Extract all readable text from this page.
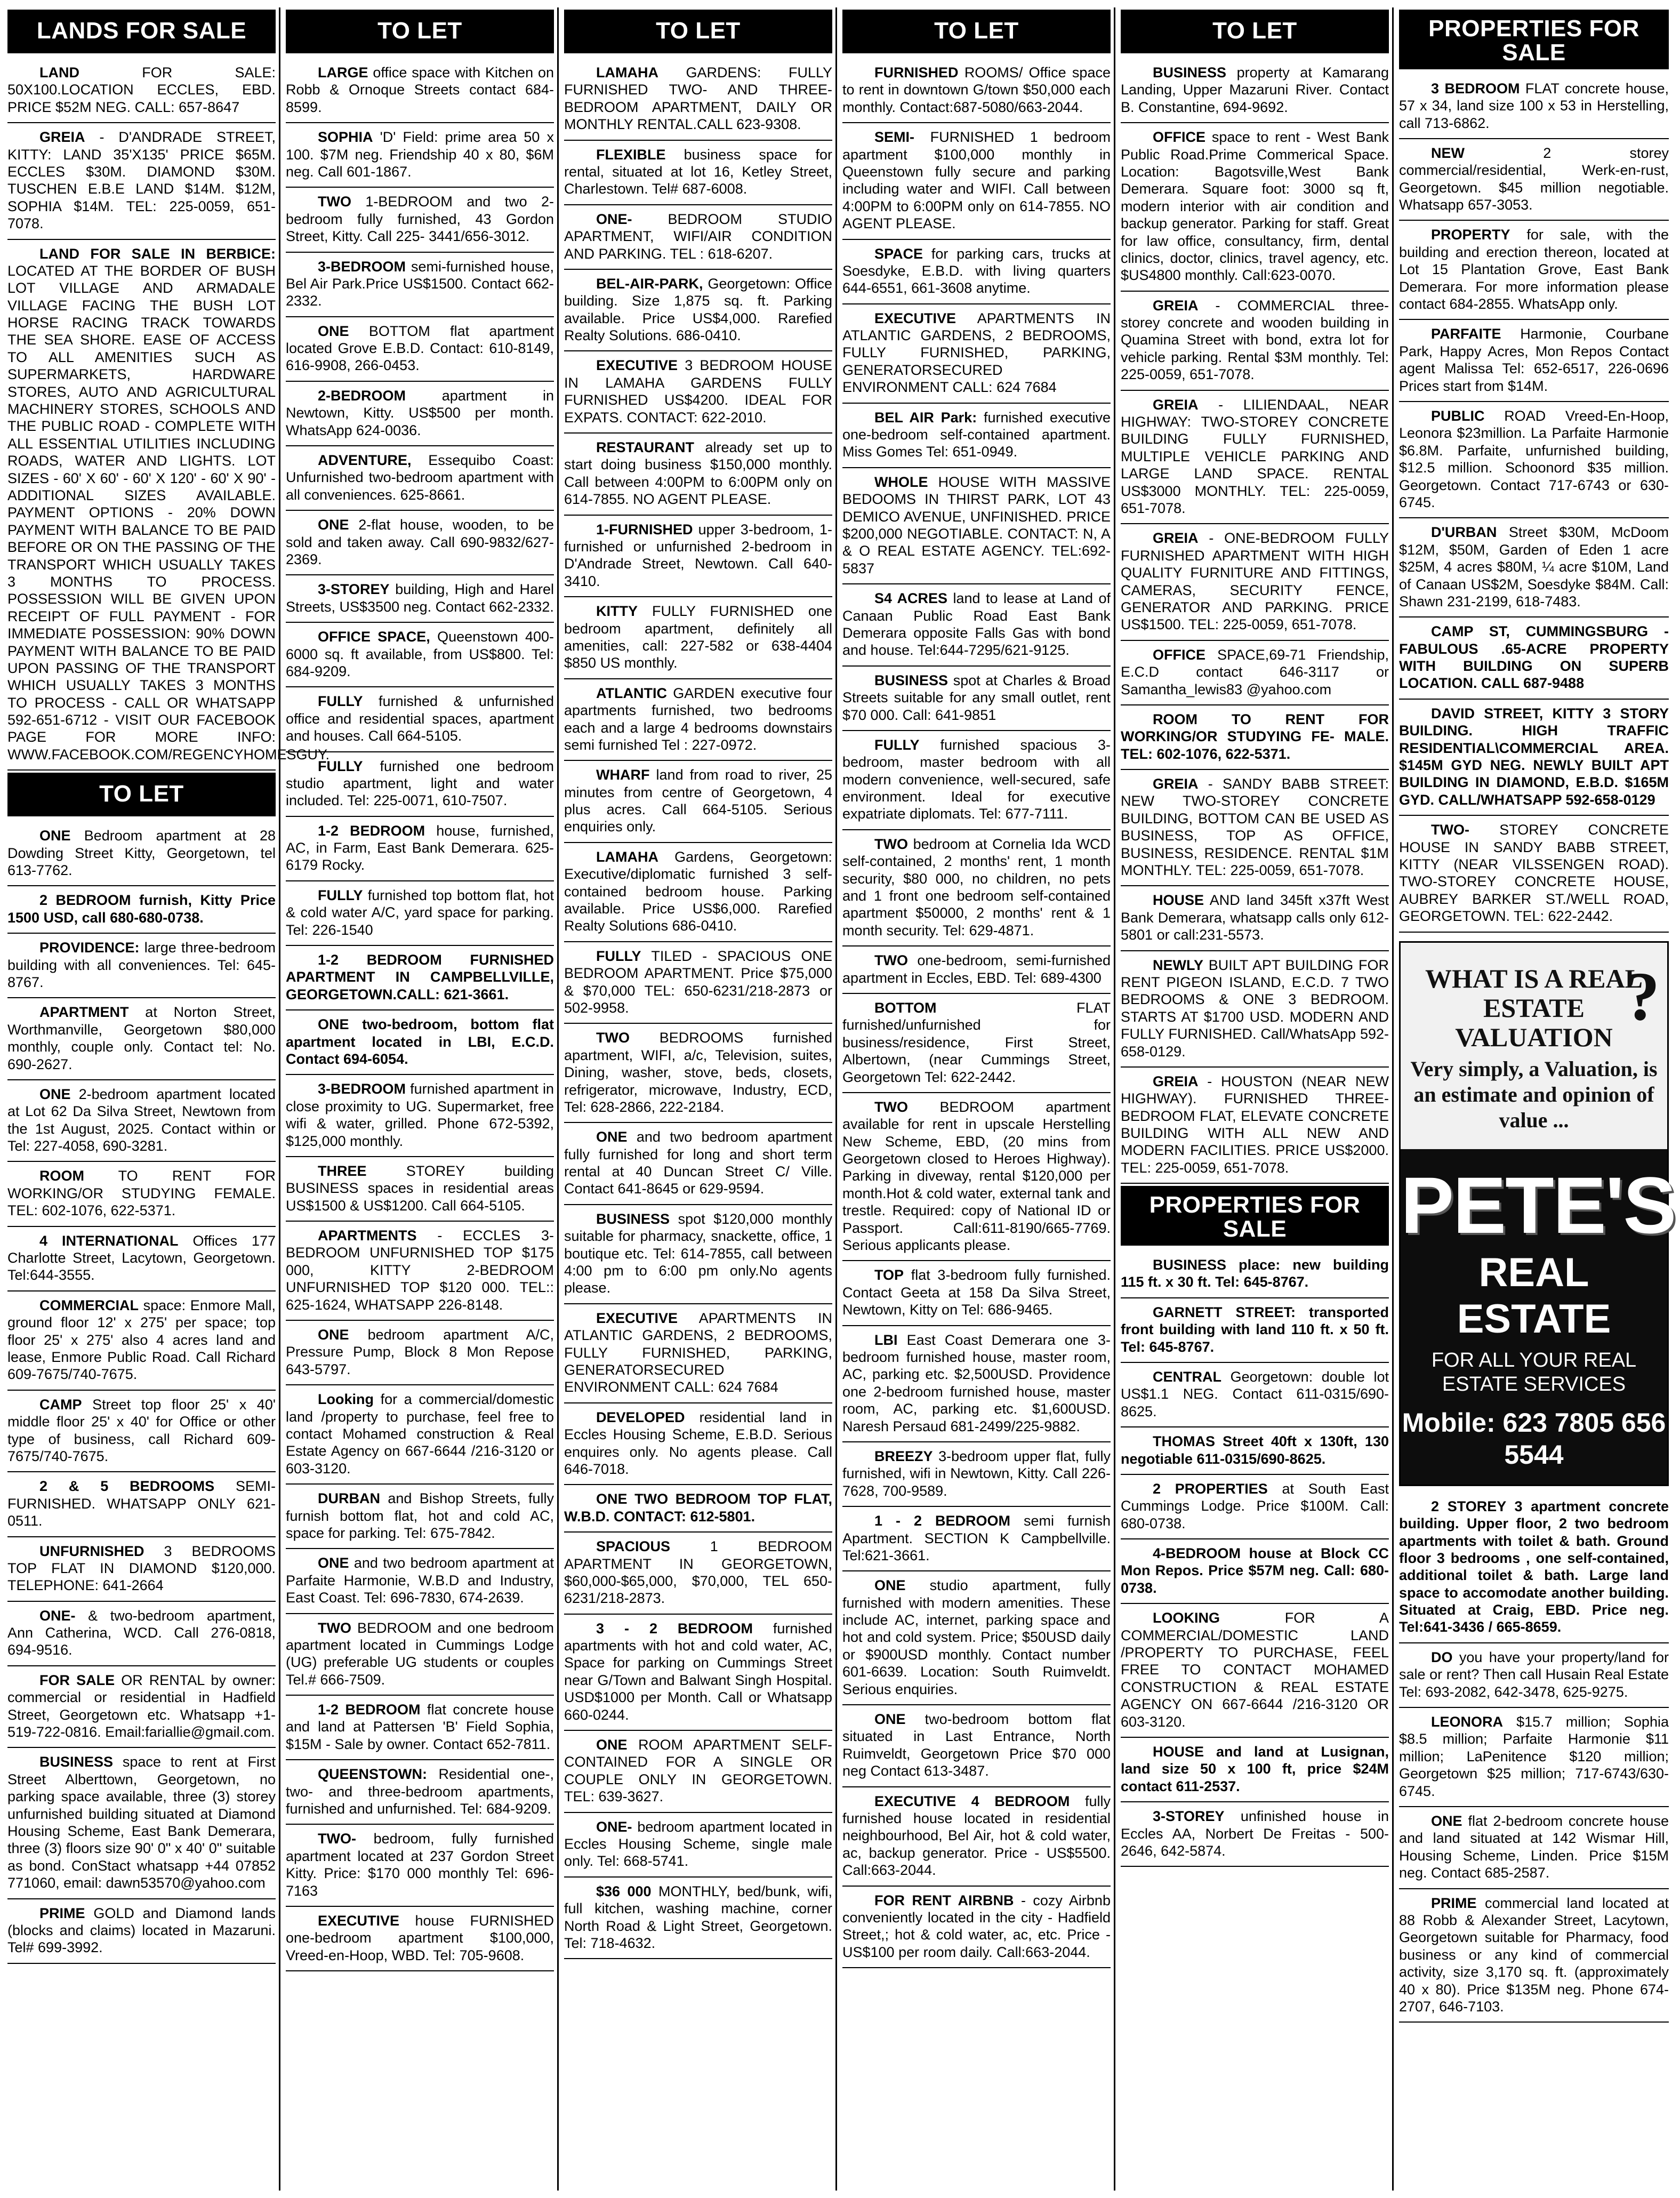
LANDS FOR SALE
LAND	FOR SALE: 50X100.LOCATION ECCLES, EBD. PRICE $52M NEG. CALL: 657-8647
GREIA - D'ANDRADE STREET, KITTY: LAND 35'X135' PRICE $65M. ECCLES $30M. DIAMOND $30M. TUSCHEN E.B.E LAND $14M. $12M, SOPHIA $14M. TEL: 225-0059, 651-7078.
LAND FOR SALE IN BERBICE: LOCATED AT THE BORDER OF BUSH LOT VILLAGE AND ARMADALE VILLAGE FACING THE BUSH LOT HORSE RACING TRACK TOWARDS THE SEA SHORE. EASE OF ACCESS TO ALL AMENITIES SUCH AS SUPERMARKETS, HARDWARE STORES, AUTO AND AGRICULTURAL MACHINERY STORES, SCHOOLS AND THE PUBLIC ROAD - COMPLETE WITH ALL ESSENTIAL UTILITIES INCLUDING ROADS, WATER AND LIGHTS. LOT SIZES - 60' X 60' - 60' X 120' - 60' X 90' - ADDITIONAL SIZES AVAILABLE. PAYMENT OPTIONS - 20% DOWN PAYMENT WITH BALANCE TO BE PAID BEFORE OR ON THE PASSING OF THE TRANSPORT WHICH USUALLY TAKES 3 MONTHS TO PROCESS. POSSESSION WILL BE GIVEN UPON RECEIPT OF FULL PAYMENT - FOR IMMEDIATE POSSESSION: 90% DOWN PAYMENT WITH BALANCE TO BE PAID UPON PASSING OF THE TRANSPORT WHICH USUALLY TAKES 3 MONTHS TO PROCESS - CALL OR WHATSAPP 592-651-6712 - VISIT OUR FACEBOOK PAGE FOR MORE INFO: WWW.FACEBOOK.COM/REGENCYHOMESGUY.
TO LET
ONE Bedroom apartment at 28 Dowding Street Kitty, Georgetown, tel 613-7762.
2 BEDROOM furnish, Kitty Price 1500 USD, call 680-680-0738.
PROVIDENCE: large three-bedroom building with all conveniences. Tel: 645-8767.
APARTMENT at Norton Street, Worthmanville, Georgetown $80,000 monthly, couple only. Contact tel: No. 690-2627.
ONE 2-bedroom apartment located at Lot 62 Da Silva Street, Newtown from the 1st August, 2025. Contact within or Tel: 227-4058, 690-3281.
ROOM TO RENT FOR WORKING/OR STUDYING FEMALE. TEL: 602-1076, 622-5371.
4 INTERNATIONAL Offices 177 Charlotte Street, Lacytown, Georgetown. Tel:644-3555.
COMMERCIAL space: Enmore Mall, ground floor 12' x 275' per space; top floor 25' x 275' also 4 acres land and lease, Enmore Public Road. Call Richard 609-7675/740-7675.
CAMP Street top floor 25' x 40' middle floor 25' x 40' for Office or other type of business, call Richard 609-7675/740-7675.
2 & 5 BEDROOMS SEMI-FURNISHED. WHATSAPP ONLY 621-0511.
UNFURNISHED 3 BEDROOMS TOP FLAT IN DIAMOND $120,000. TELEPHONE: 641-2664
ONE- & two-bedroom apartment, Ann Catherina, WCD. Call 276-0818, 694-9516.
FOR SALE OR RENTAL by owner: commercial or residential in Hadfield Street, Georgetown etc. Whatsapp +1-519-722-0816. Email:fariallie@gmail.com.
BUSINESS space to rent at First Street Alberttown, Georgetown, no parking space available, three (3) storey unfurnished building situated at Diamond Housing Scheme, East Bank Demerara, three (3) floors size 90' 0" x 40' 0" suitable as bond. ConStact whatsapp +44 07852 771060, email: dawn53570@yahoo.com
PRIME GOLD and Diamond lands (blocks and claims) located in Mazaruni. Tel# 699-3992.
TO LET
LARGE office space with Kitchen on Robb & Ornoque Streets contact 684-8599.
SOPHIA 'D' Field: prime area 50 x 100. $7M neg. Friendship 40 x 80, $6M neg. Call 601-1867.
TWO 1-BEDROOM and two 2-bedroom fully furnished, 43 Gordon Street, Kitty. Call 225- 3441/656-3012.
3-BEDROOM semi-furnished house, Bel Air Park.Price US$1500. Contact 662-2332.
ONE BOTTOM flat apartment located Grove E.B.D. Contact: 610-8149, 616-9908, 266-0453.
2-BEDROOM	apartment in Newtown, Kitty. US$500 per month. WhatsApp 624-0036.
ADVENTURE, Essequibo Coast: Unfurnished two-bedroom apartment with all conveniences. 625-8661.
ONE 2-flat house, wooden, to be sold and taken away. Call 690-9832/627-2369.
3-STOREY building, High and Harel Streets, US$3500 neg. Contact 662-2332.
OFFICE SPACE, Queenstown 400-6000 sq. ft available, from US$800. Tel: 684-9209.
FULLY furnished & unfurnished office and residential spaces, apartment and houses. Call 664-5105.
FULLY furnished one bedroom studio apartment, light and water included. Tel: 225-0071, 610-7507.
1-2 BEDROOM house, furnished, AC, in Farm, East Bank Demerara. 625-6179 Rocky.
FULLY furnished top bottom flat, hot & cold water A/C, yard space for parking. Tel: 226-1540
1-2 BEDROOM FURNISHED APARTMENT IN CAMPBELLVILLE, GEORGETOWN.CALL: 621-3661.
ONE two-bedroom, bottom flat apartment located in LBI, E.C.D. Contact 694-6054.
3-BEDROOM furnished apartment in close proximity to UG. Supermarket, free wifi & water, grilled. Phone 672-5392, $125,000 monthly.
THREE	STOREY building BUSINESS spaces in residential areas US$1500 & US$1200. Call 664-5105.
APARTMENTS - ECCLES 3-BEDROOM UNFURNISHED TOP $175 000, KITTY 2-BEDROOM UNFURNISHED TOP $120 000. TEL:: 625-1624, WHATSAPP 226-8148.
ONE bedroom apartment A/C, Pressure Pump, Block 8 Mon Repose 643-5797.
Looking for a commercial/domestic land /property to purchase, feel free to contact Mohamed construction & Real Estate Agency on 667-6644 /216-3120 or 603-3120.
DURBAN and Bishop Streets, fully furnish bottom flat, hot and cold AC, space for parking. Tel: 675-7842.
ONE and two bedroom apartment at Parfaite Harmonie, W.B.D and Industry, East Coast. Tel: 696-7830, 674-2639.
TWO BEDROOM and one bedroom apartment located in Cummings Lodge (UG) preferable UG students or couples Tel.# 666-7509.
1-2 BEDROOM flat concrete house and land at Pattersen 'B' Field Sophia, $15M - Sale by owner. Contact 652-7811.
QUEENSTOWN: Residential one-, two- and three-bedroom apartments, furnished and unfurnished. Tel: 684-9209.
TWO- bedroom, fully furnished apartment located at 237 Gordon Street Kitty. Price: $170 000 monthly Tel: 696-7163
EXECUTIVE house FURNISHED one-bedroom apartment $100,000, Vreed-en-Hoop, WBD. Tel: 705-9608.
TO LET
LAMAHA GARDENS: FULLY FURNISHED TWO- AND THREE-BEDROOM APARTMENT, DAILY OR MONTHLY RENTAL.CALL 623-9308.
FLEXIBLE business space for rental, situated at lot 16, Ketley Street, Charlestown. Tel# 687-6008.
ONE- BEDROOM STUDIO APARTMENT, WIFI/AIR CONDITION AND PARKING. TEL : 618-6207.
BEL-AIR-PARK, Georgetown: Office building. Size 1,875 sq. ft. Parking available. Price US$4,000. Rarefied Realty Solutions. 686-0410.
EXECUTIVE 3 BEDROOM HOUSE IN LAMAHA GARDENS FULLY FURNISHED US$4200. IDEAL FOR EXPATS. CONTACT: 622-2010.
RESTAURANT already set up to start doing business $150,000 monthly. Call between 4:00PM to 6:00PM only on 614-7855. NO AGENT PLEASE.
1-FURNISHED upper 3-bedroom, 1-furnished or unfurnished 2-bedroom in D'Andrade Street, Newtown. Call 640-3410.
KITTY FULLY FURNISHED one bedroom apartment, definitely all amenities, call: 227-582 or 638-4404 $850 US monthly.
ATLANTIC GARDEN executive four apartments furnished, two bedrooms each and a large 4 bedrooms downstairs semi furnished Tel : 227-0972.
WHARF land from road to river, 25 minutes from centre of Georgetown, 4 plus acres. Call 664-5105. Serious enquiries only.
LAMAHA Gardens, Georgetown: Executive/diplomatic furnished 3 self-contained bedroom house. Parking available. Price US$6,000. Rarefied Realty Solutions 686-0410.
FULLY TILED - SPACIOUS ONE BEDROOM APARTMENT. Price $75,000 & $70,000 TEL: 650-6231/218-2873 or 502-9958.
TWO BEDROOMS furnished apartment, WIFI, a/c, Television, suites, Dining, washer, stove, beds, closets, refrigerator, microwave, Industry, ECD, Tel: 628-2866, 222-2184.
ONE and two bedroom apartment fully furnished for long and short term rental at 40 Duncan Street C/ Ville. Contact 641-8645 or 629-9594.
BUSINESS spot $120,000 monthly suitable for pharmacy, snackette, office, 1 boutique etc. Tel: 614-7855, call between 4:00 pm to 6:00 pm only.No agents please.
EXECUTIVE APARTMENTS IN ATLANTIC GARDENS, 2 BEDROOMS, FULLY FURNISHED, PARKING, GENERATORSECURED ENVIRONMENT CALL: 624 7684
DEVELOPED residential land in Eccles Housing Scheme, E.B.D. Serious enquires only. No agents please. Call 646-7018.
ONE TWO BEDROOM TOP FLAT, W.B.D. CONTACT: 612-5801.
SPACIOUS	1 BEDROOM APARTMENT IN GEORGETOWN, $60,000-$65,000, $70,000, TEL 650-6231/218-2873.
3 - 2 BEDROOM furnished apartments with hot and cold water, AC, Space for parking on Cummings Street near G/Town and Balwant Singh Hospital. USD$1000 per Month. Call or Whatsapp 660-0244.
ONE ROOM APARTMENT SELF-CONTAINED FOR A SINGLE OR COUPLE ONLY IN GEORGETOWN. TEL: 639-3627.
ONE- bedroom apartment located in Eccles Housing Scheme, single male only. Tel: 668-5741.
$36 000 MONTHLY, bed/bunk, wifi, full kitchen, washing machine, corner North Road & Light Street, Georgetown. Tel: 718-4632.
TO LET
FURNISHED ROOMS/ Office space to rent in downtown G/town $50,000 each monthly. Contact:687-5080/663-2044.
SEMI- FURNISHED 1 bedroom apartment $100,000 monthly in Queenstown fully secure and parking including water and WIFI. Call between 4:00PM to 6:00PM only on 614-7855. NO AGENT PLEASE.
SPACE for parking cars, trucks at Soesdyke, E.B.D. with living quarters 644-6551, 661-3608 anytime.
EXECUTIVE APARTMENTS IN ATLANTIC GARDENS, 2 BEDROOMS, FULLY FURNISHED, PARKING, GENERATORSECURED ENVIRONMENT CALL: 624 7684
BEL AIR Park: furnished executive one-bedroom self-contained apartment. Miss Gomes Tel: 651-0949.
WHOLE HOUSE WITH MASSIVE BEDOOMS IN THIRST PARK, LOT 43 DEMICO AVENUE, UNFINISHED. PRICE $200,000 NEGOTIABLE. CONTACT: N, A & O REAL ESTATE AGENCY. TEL:692-5837
S4 ACRES land to lease at Land of Canaan Public Road East Bank Demerara opposite Falls Gas with bond and house. Tel:644-7295/621-9125.
BUSINESS spot at Charles & Broad Streets suitable for any small outlet, rent $70 000. Call: 641-9851
FULLY furnished spacious 3-bedroom, master bedroom with all modern convenience, well-secured, safe environment. Ideal for executive expatriate diplomats. Tel: 677-7111.
TWO bedroom at Cornelia Ida WCD self-contained, 2 months' rent, 1 month security, $80 000, no children, no pets and 1 front one bedroom self-contained apartment $50000, 2 months' rent & 1 month security. Tel: 629-4871.
TWO one-bedroom, semi-furnished apartment in Eccles, EBD. Tel: 689-4300
BOTTOM	FLAT furnished/unfurnished for business/residence, First Street, Albertown, (near Cummings Street, Georgetown Tel: 622-2442.
TWO BEDROOM apartment available for rent in upscale Herstelling New Scheme, EBD, (20 mins from Georgetown closed to Heroes Highway). Parking in diveway, rental $120,000 per month.Hot & cold water, external tank and trestle. Required: copy of National ID or Passport. Call:611-8190/665-7769. Serious applicants please.
TOP flat 3-bedroom fully furnished. Contact Geeta at 158 Da Silva Street, Newtown, Kitty on Tel: 686-9465.
LBI East Coast Demerara one 3-bedroom furnished house, master room, AC, parking etc. $2,500USD. Providence one 2-bedroom furnished house, master room, AC, parking etc. $1,600USD. Naresh Persaud 681-2499/225-9882.
BREEZY 3-bedroom upper flat, fully furnished, wifi in Newtown, Kitty. Call 226-7628, 700-9589.
1 - 2 BEDROOM semi furnish Apartment. SECTION K Campbellville. Tel:621-3661.
ONE studio apartment, fully furnished with modern amenities. These include AC, internet, parking space and hot and cold system. Price; $50USD daily or $900USD monthly. Contact number 601-6639. Location: South Ruimveldt. Serious enquiries.
ONE two-bedroom bottom flat situated in Last Entrance, North Ruimveldt, Georgetown Price $70 000 neg Contact 613-3487.
EXECUTIVE 4 BEDROOM fully furnished house located in residential neighbourhood, Bel Air, hot & cold water, ac, backup generator. Price - US$5500. Call:663-2044.
FOR RENT AIRBNB - cozy Airbnb conveniently located in the city - Hadfield Street,; hot & cold water, ac, etc. Price - US$100 per room daily. Call:663-2044.
TO LET
BUSINESS property at Kamarang Landing, Upper Mazaruni River. Contact B. Constantine, 694-9692.
OFFICE space to rent - West Bank Public Road.Prime Commerical Space. Location: Bagotsville,West Bank Demerara. Square foot: 3000 sq ft, modern interior with air condition and backup generator. Parking for staff. Great for law office, consultancy, firm, dental clinics, doctor, clinics, travel agency, etc. $US4800 monthly. Call:623-0070.
GREIA - COMMERCIAL three-storey concrete and wooden building in Quamina Street with bond, extra lot for vehicle parking. Rental $3M monthly. Tel: 225-0059, 651-7078.
GREIA - LILIENDAAL, NEAR HIGHWAY: TWO-STOREY CONCRETE BUILDING FULLY FURNISHED, MULTIPLE VEHICLE PARKING AND LARGE LAND SPACE. RENTAL US$3000 MONTHLY. TEL: 225-0059, 651-7078.
GREIA - ONE-BEDROOM FULLY FURNISHED APARTMENT WITH HIGH QUALITY FURNITURE AND FITTINGS, CAMERAS, SECURITY FENCE, GENERATOR AND PARKING. PRICE US$1500. TEL: 225-0059, 651-7078.
OFFICE SPACE,69-71 Friendship, E.C.D contact 646-3117 or Samantha_lewis83 @yahoo.com
ROOM TO RENT FOR WORKING/OR STUDYING FE- MALE. TEL: 602-1076, 622-5371.
GREIA - SANDY BABB STREET: NEW TWO-STOREY CONCRETE BUILDING, BOTTOM CAN BE USED AS BUSINESS, TOP AS OFFICE, BUSINESS, RESIDENCE. RENTAL $1M MONTHLY. TEL: 225-0059, 651-7078.
HOUSE AND land 345ft x37ft West Bank Demerara, whatsapp calls only 612-5801 or call:231-5573.
NEWLY BUILT APT BUILDING FOR RENT PIGEON ISLAND, E.C.D. 7 TWO BEDROOMS & ONE 3 BEDROOM. STARTS AT $1700 USD. MODERN AND FULLY FURNISHED. Call/WhatsApp 592-658-0129.
GREIA - HOUSTON (NEAR NEW HIGHWAY). FURNISHED THREE-BEDROOM FLAT, ELEVATE CONCRETE BUILDING WITH ALL NEW AND MODERN FACILITIES. PRICE US$2000. TEL: 225-0059, 651-7078.
PROPERTIES FOR SALE
BUSINESS place: new building 115 ft. x 30 ft. Tel: 645-8767.
GARNETT STREET: transported front building with land 110 ft. x 50 ft. Tel: 645-8767.
CENTRAL Georgetown: double lot US$1.1 NEG. Contact 611-0315/690-8625.
THOMAS Street 40ft x 130ft, 130 negotiable 611-0315/690-8625.
2 PROPERTIES at South East Cummings Lodge. Price $100M. Call: 680-0738.
4-BEDROOM house at Block CC Mon Repos. Price $57M neg. Call: 680-0738.
LOOKING	FOR A COMMERCIAL/DOMESTIC LAND /PROPERTY TO PURCHASE, FEEL FREE TO CONTACT MOHAMED CONSTRUCTION & REAL ESTATE AGENCY ON 667-6644 /216-3120 OR 603-3120.
HOUSE and land at Lusignan, land size 50 x 100 ft, price $24M contact 611-2537.
3-STOREY unfinished house in Eccles AA, Norbert De Freitas - 500-2646, 642-5874.
PROPERTIES FOR SALE
3 BEDROOM FLAT concrete house, 57 x 34, land size 100 x 53 in Herstelling, call 713-6862.
NEW	2 storey commercial/residential, Werk-en-rust, Georgetown. $45 million negotiable. Whatsapp 657-3053.
PROPERTY for sale, with the building and erection thereon, located at Lot 15 Plantation Grove, East Bank Demerara. For more information please contact 684-2855. WhatsApp only.
PARFAITE Harmonie, Courbane Park, Happy Acres, Mon Repos Contact agent Malissa Tel: 652-6517, 226-0696 Prices start from $14M.
PUBLIC ROAD Vreed-En-Hoop, Leonora $23million. La Parfaite Harmonie $6.8M. Parfaite, unfurnished building, $12.5 million. Schoonord $35 million. Georgetown. Contact 717-6743 or 630-6745.
D'URBAN Street $30M, McDoom $12M, $50M, Garden of Eden 1 acre $25M, 4 acres $80M, ¼ acre $10M, Land of Canaan US$2M, Soesdyke $84M. Call: Shawn 231-2199, 618-7483.
CAMP ST, CUMMINGSBURG - FABULOUS .65-ACRE PROPERTY WITH BUILDING ON SUPERB LOCATION. CALL 687-9488
DAVID STREET, KITTY 3 STORY BUILDING. HIGH TRAFFIC RESIDENTIAL\COMMERCIAL AREA. $145M GYD NEG. NEWLY BUILT APT BUILDING IN DIAMOND, E.B.D. $165M GYD. CALL/WHATSAPP 592-658-0129
TWO- STOREY CONCRETE HOUSE IN SANDY BABB STREET, KITTY (NEAR VILSSENGEN ROAD). TWO-STOREY CONCRETE HOUSE, AUBREY BARKER ST./WELL ROAD, GEORGETOWN. TEL: 622-2442.
WHAT IS A REAL ESTATE VALUATION
?
Very simply, a Valuation, is an estimate and opinion of value ...
PETE'S
REAL ESTATE
FOR ALL YOUR REAL ESTATE SERVICES
Mobile: 623 7805 656 5544
2 STOREY 3 apartment concrete building. Upper floor, 2 two bedroom apartments with toilet & bath. Ground floor 3 bedrooms , one self-contained, additional toilet & bath. Large land space to accomodate another building. Situated at Craig, EBD. Price neg. Tel:641-3436 / 665-8659.
DO you have your property/land for sale or rent? Then call Husain Real Estate Tel: 693-2082, 642-3478, 625-9275.
LEONORA $15.7 million; Sophia $8.5 million; Parfaite Harmonie $11 million; LaPenitence $120 million; Georgetown $25 million; 717-6743/630-6745.
ONE flat 2-bedroom concrete house and land situated at 142 Wismar Hill, Housing Scheme, Linden. Price $15M neg. Contact 685-2587.
PRIME commercial land located at 88 Robb & Alexander Street, Lacytown, Georgetown suitable for Pharmacy, food business or any kind of commercial activity, size 3,170 sq. ft. (approximately 40 x 80). Price $135M neg. Phone 674-2707, 646-7103.
